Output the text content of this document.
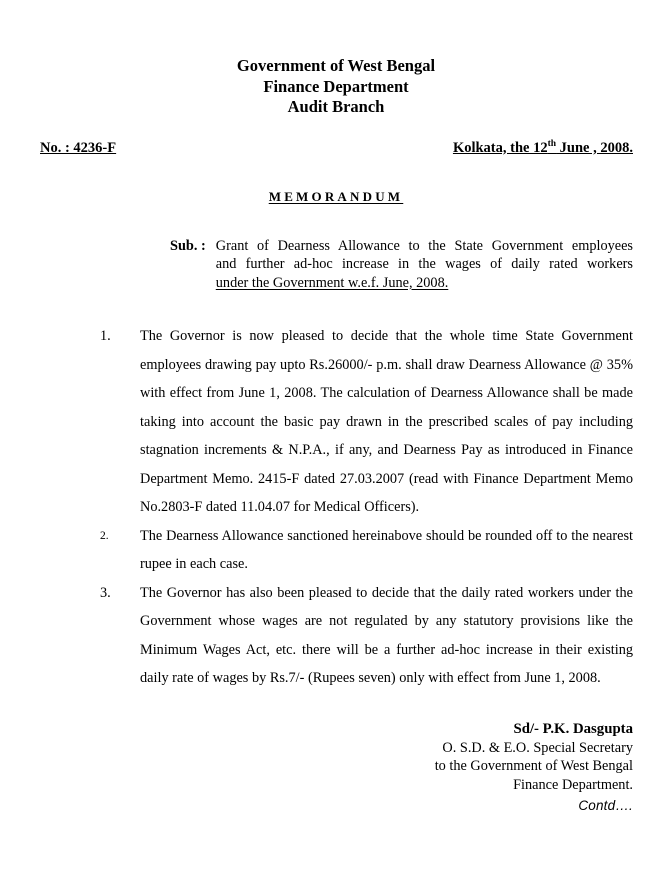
Government of West Bengal
Finance Department
Audit Branch
No. : 4236-F	Kolkata, the 12th June , 2008.
MEMORANDUM
Sub. : Grant of Dearness Allowance to the State Government employees
and further ad-hoc increase in the wages of daily rated workers
under the Government w.e.f. June, 2008.
1. The Governor is now pleased to decide that the whole time State Government employees drawing pay upto Rs.26000/- p.m. shall draw Dearness Allowance @ 35% with effect from June 1, 2008. The calculation of Dearness Allowance shall be made taking into account the basic pay drawn in the prescribed scales of pay including stagnation increments & N.P.A., if any, and Dearness Pay as introduced in Finance Department Memo. 2415-F dated 27.03.2007 (read with Finance Department Memo No.2803-F dated 11.04.07 for Medical Officers).
2. The Dearness Allowance sanctioned hereinabove should be rounded off to the nearest rupee in each case.
3. The Governor has also been pleased to decide that the daily rated workers under the Government whose wages are not regulated by any statutory provisions like the Minimum Wages Act, etc. there will be a further ad-hoc increase in their existing daily rate of wages by Rs.7/- (Rupees seven) only with effect from June 1, 2008.
Sd/- P.K. Dasgupta
O. S.D. & E.O. Special Secretary
to the Government of West Bengal
Finance Department.
Contd….
